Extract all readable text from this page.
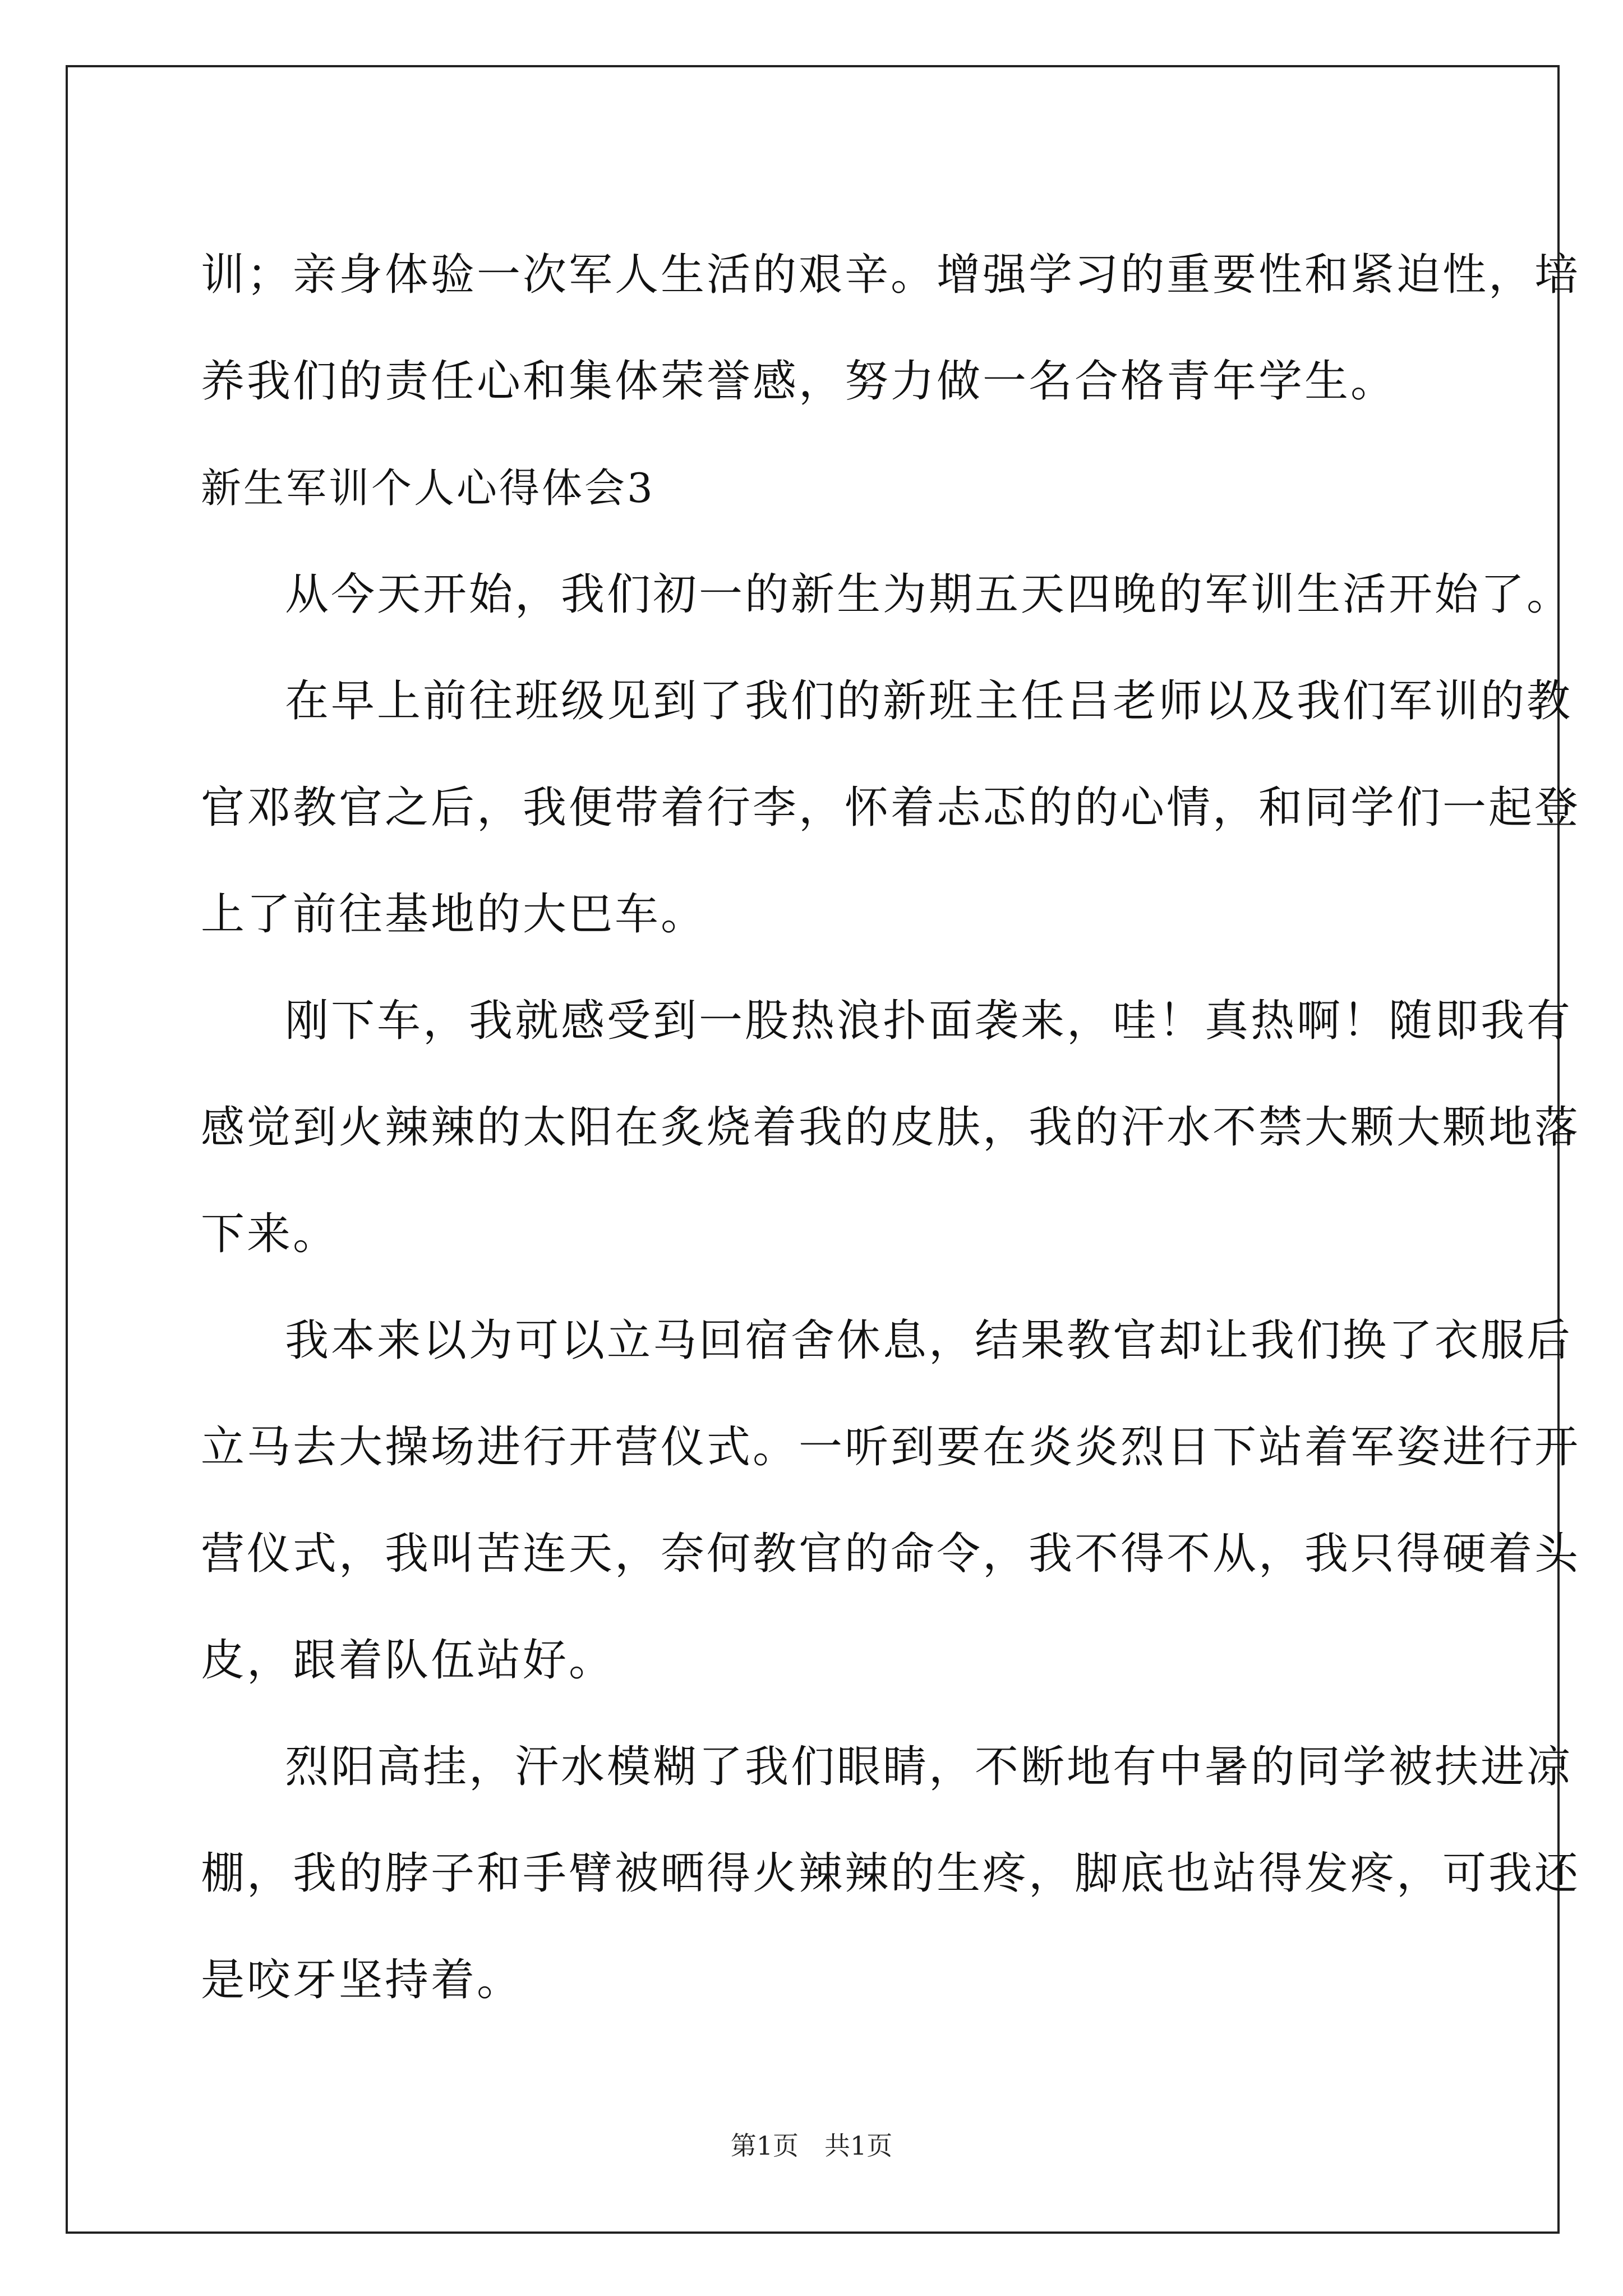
训；亲身体验一次军人生活的艰辛。增强学习的重要性和紧迫性，培

养我们的责任心和集体荣誉感，努力做一名合格青年学生。

新生军训个人心得体会3

从今天开始，我们初一的新生为期五天四晚的军训生活开始了。

在早上前往班级见到了我们的新班主任吕老师以及我们军训的教

官邓教官之后，我便带着行李，怀着忐忑的的心情，和同学们一起登

上了前往基地的大巴车。

刚下车，我就感受到一股热浪扑面袭来，哇！真热啊！随即我有

感觉到火辣辣的太阳在炙烧着我的皮肤，我的汗水不禁大颗大颗地落

下来。

我本来以为可以立马回宿舍休息，结果教官却让我们换了衣服后

立马去大操场进行开营仪式。一听到要在炎炎烈日下站着军姿进行开

营仪式，我叫苦连天，奈何教官的命令，我不得不从，我只得硬着头

皮，跟着队伍站好。

烈阳高挂，汗水模糊了我们眼睛，不断地有中暑的同学被扶进凉

棚，我的脖子和手臂被晒得火辣辣的生疼，脚底也站得发疼，可我还

是咬牙坚持着。

第1页　共1页
